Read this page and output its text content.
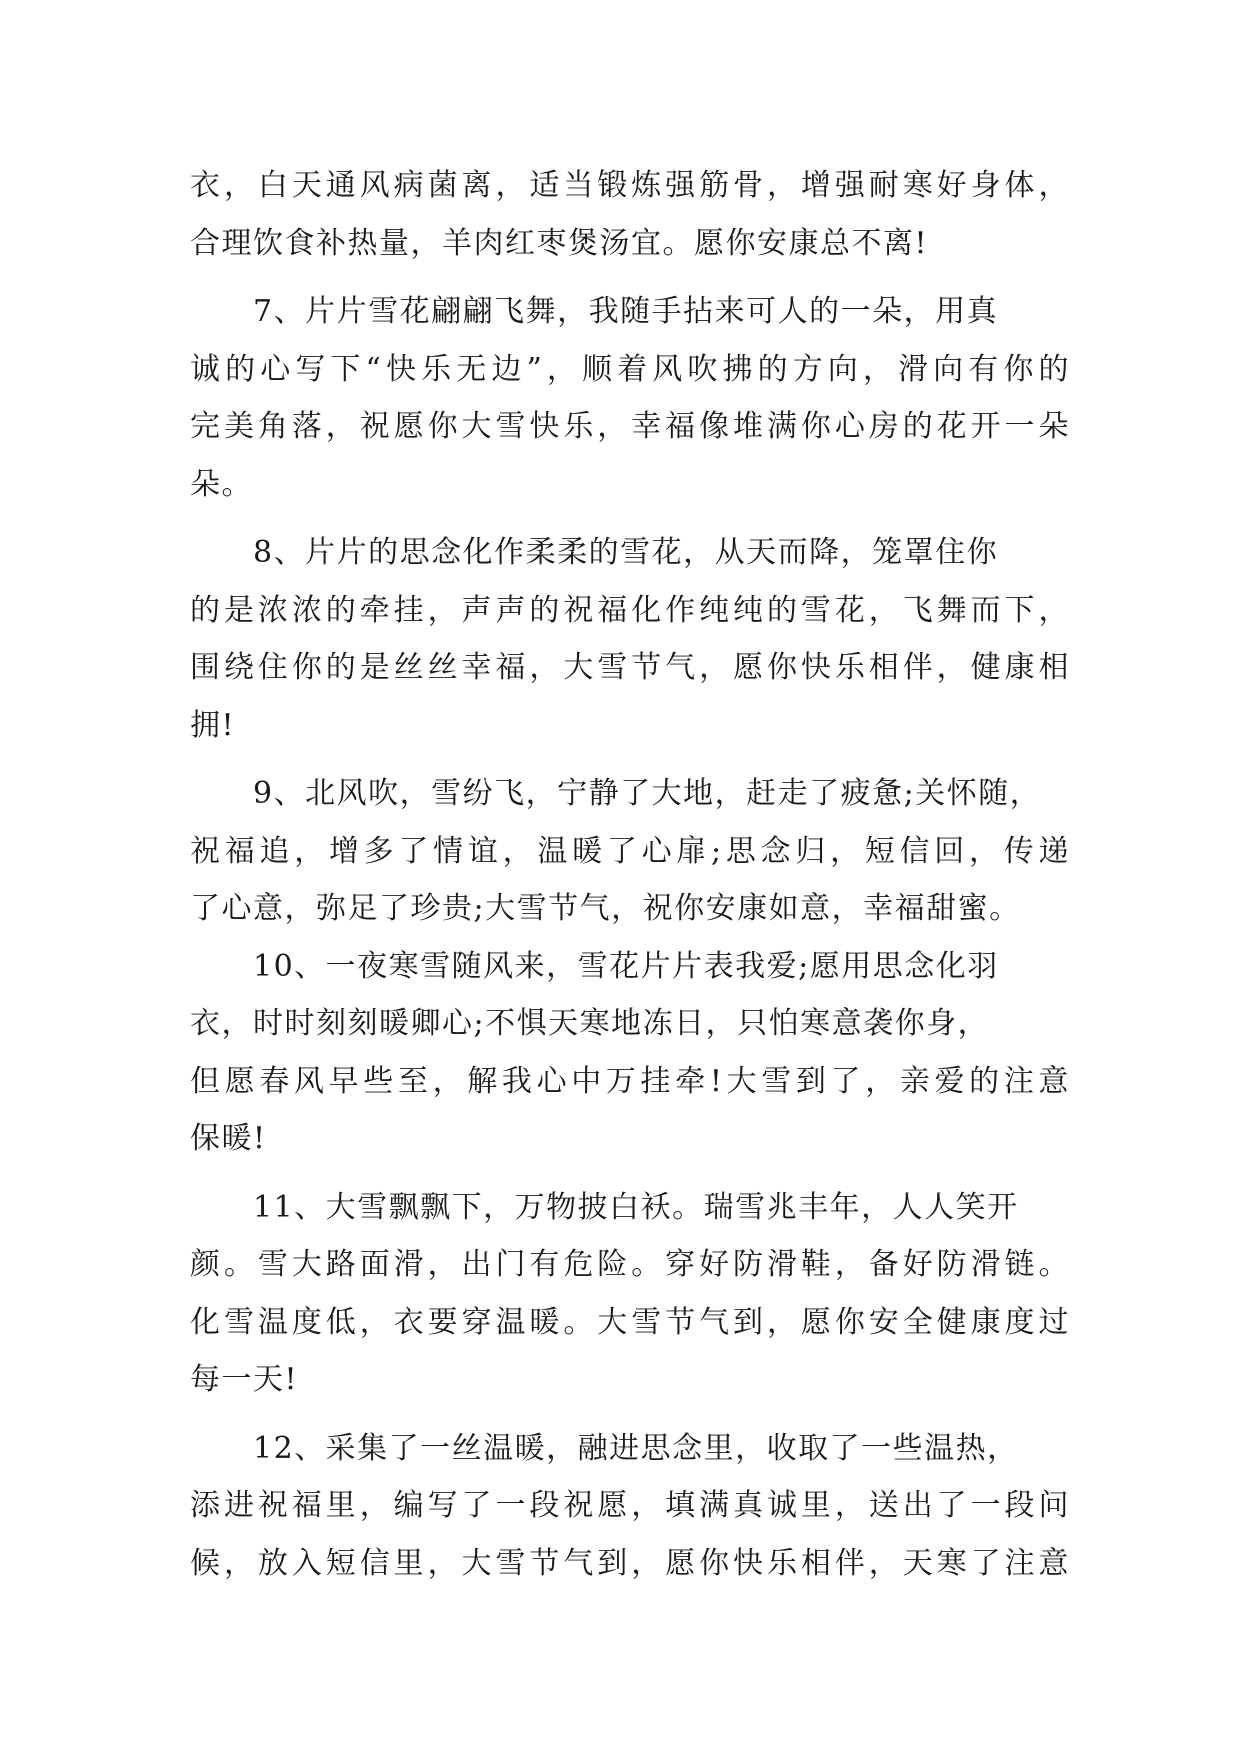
衣，白天通风病菌离，适当锻炼强筋骨，增强耐寒好身体，
合理饮食补热量，羊肉红枣煲汤宜。愿你安康总不离!
7、片片雪花翩翩飞舞，我随手拈来可人的一朵，用真
诚的心写下“快乐无边”，顺着风吹拂的方向，滑向有你的
完美角落，祝愿你大雪快乐，幸福像堆满你心房的花开一朵
朵。
8、片片的思念化作柔柔的雪花，从天而降，笼罩住你
的是浓浓的牵挂，声声的祝福化作纯纯的雪花，飞舞而下，
围绕住你的是丝丝幸福，大雪节气，愿你快乐相伴，健康相
拥!
9、北风吹，雪纷飞，宁静了大地，赶走了疲惫;关怀随，
祝福追，增多了情谊，温暖了心扉;思念归，短信回，传递
了心意，弥足了珍贵;大雪节气，祝你安康如意，幸福甜蜜。
10、一夜寒雪随风来，雪花片片表我爱;愿用思念化羽
衣，时时刻刻暖卿心;不惧天寒地冻日，只怕寒意袭你身，
但愿春风早些至，解我心中万挂牵!大雪到了，亲爱的注意
保暖!
11、大雪飘飘下，万物披白袄。瑞雪兆丰年，人人笑开
颜。雪大路面滑，出门有危险。穿好防滑鞋，备好防滑链。
化雪温度低，衣要穿温暖。大雪节气到，愿你安全健康度过
每一天!
12、采集了一丝温暖，融进思念里，收取了一些温热，
添进祝福里，编写了一段祝愿，填满真诚里，送出了一段问
候，放入短信里，大雪节气到，愿你快乐相伴，天寒了注意
